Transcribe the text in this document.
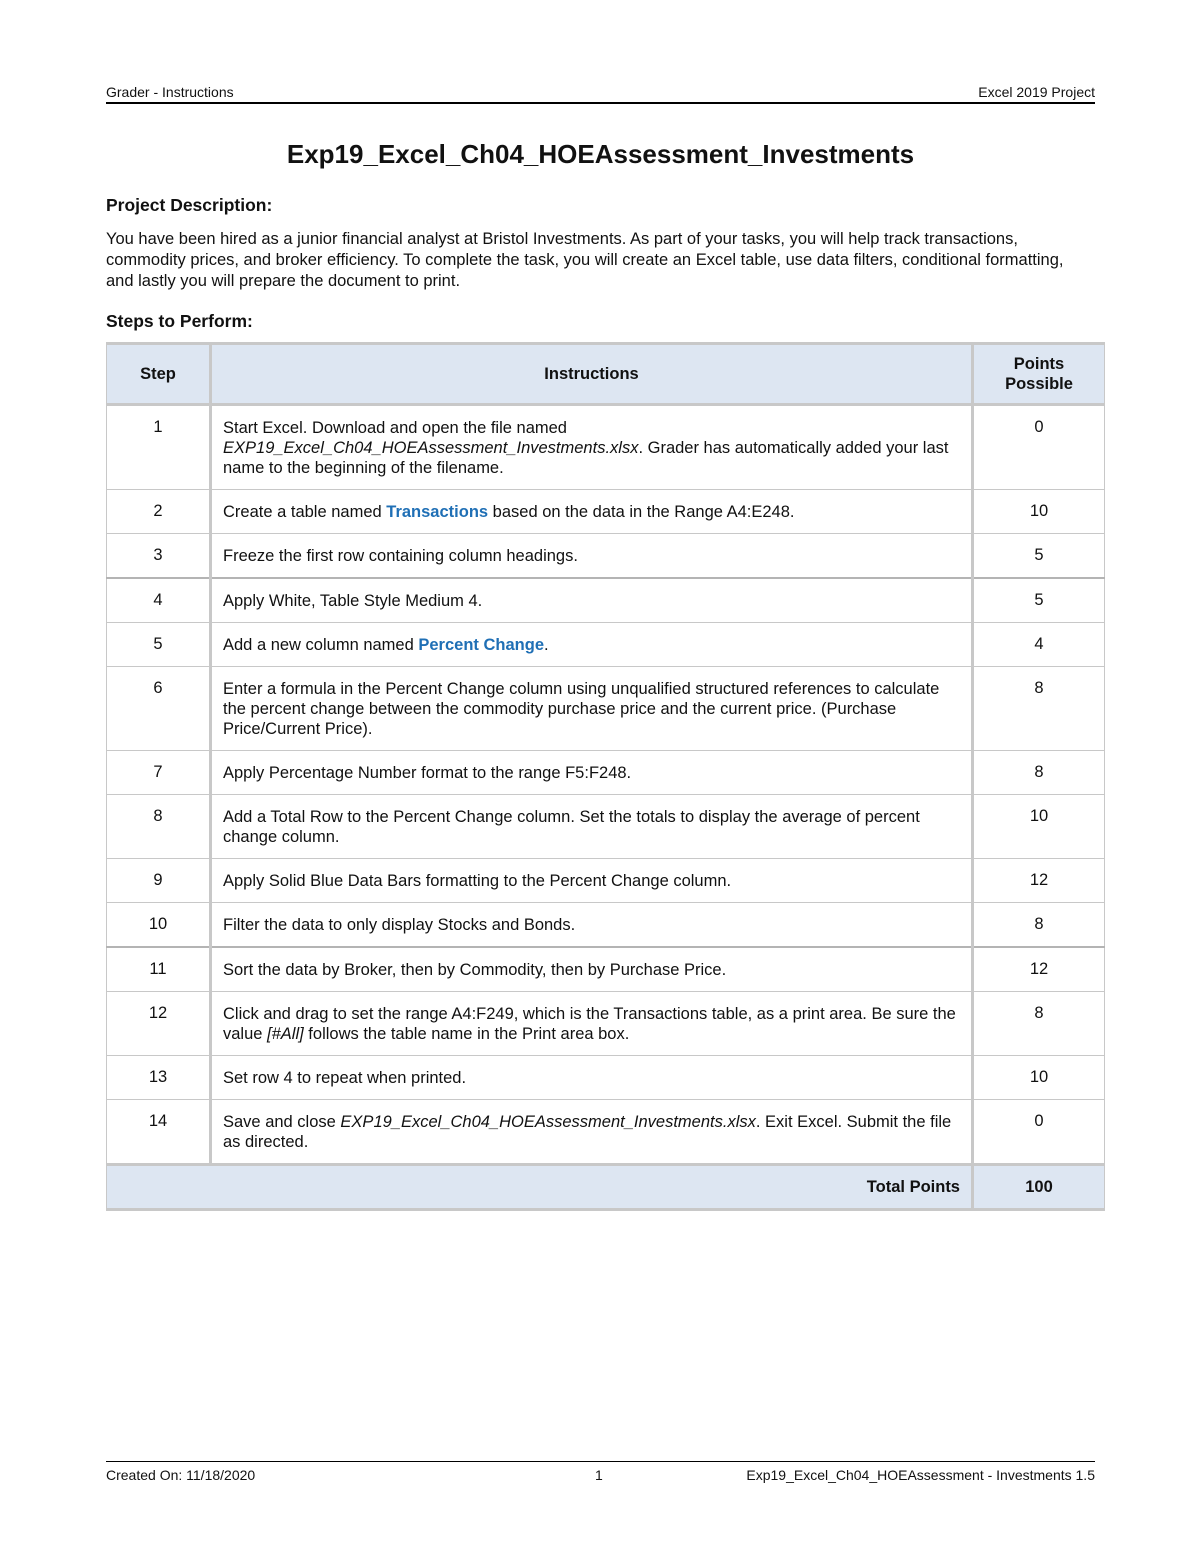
Grader - Instructions	Excel 2019 Project
Exp19_Excel_Ch04_HOEAssessment_Investments
Project Description:

You have been hired as a junior financial analyst at Bristol Investments. As part of your tasks, you will help track transactions, commodity prices, and broker efficiency. To complete the task, you will create an Excel table, use data filters, conditional formatting, and lastly you will prepare the document to print.

Steps to Perform:
Step	Instructions	Points
Possible
1	Start Excel. Download and open the file named EXP19_Excel_Ch04_HOEAssessment_Investments.xlsx. Grader has automatically added your last name to the beginning of the filename.	0
2	Create a table named Transactions based on the data in the Range A4:E248.	10
3	Freeze the first row containing column headings.	5
4	Apply White, Table Style Medium 4.	5
5	Add a new column named Percent Change.	4
6	Enter a formula in the Percent Change column using unqualified structured references to calculate the percent change between the commodity purchase price and the current price. (Purchase Price/Current Price).	8
7	Apply Percentage Number format to the range F5:F248.	8
8	Add a Total Row to the Percent Change column. Set the totals to display the average of percent change column.	10
9	Apply Solid Blue Data Bars formatting to the Percent Change column.	12
10	Filter the data to only display Stocks and Bonds.	8
11	Sort the data by Broker, then by Commodity, then by Purchase Price.	12
12	Click and drag to set the range A4:F249, which is the Transactions table, as a print area. Be sure the value [#All] follows the table name in the Print area box.	8
13	Set row 4 to repeat when printed.	10
14	Save and close EXP19_Excel_Ch04_HOEAssessment_Investments.xlsx. Exit Excel. Submit the file as directed.	0
Total Points		100
Created On: 11/18/2020	1	Exp19_Excel_Ch04_HOEAssessment - Investments 1.5
